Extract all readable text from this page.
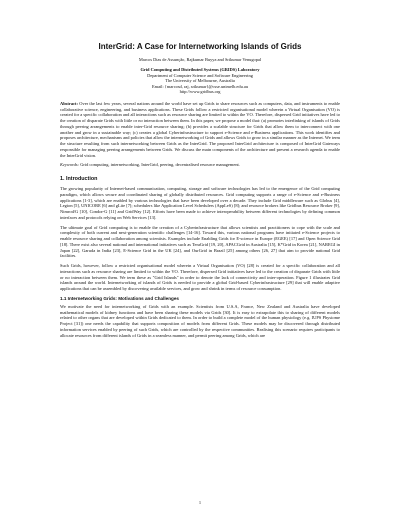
InterGrid: A Case for Internetworking Islands of Grids
Marcos Dias de Assunção, Rajkumar Buyya and Srikumar Venugopal
Grid Computing and Distributed Systems (GRIDS) Laboratory
Department of Computer Science and Software Engineering
The University of Melbourne, Australia
Email: {marcosd, raj, srikumar}@csse.unimelb.edu.au
http://www.gridbus.org

Abstract: Over the last few years, several nations around the world have set up Grids to share resources such as computers, data, and instruments to enable collaborative science, engineering, and business applications. These Grids follow a restricted organisational model wherein a Virtual Organisation (VO) is created for a specific collaboration and all interactions such as resource sharing are limited to within the VO. Therefore, dispersed Grid initiatives have led to the creation of disparate Grids with little or no interaction between them. In this paper, we propose a model that: (a) promotes interlinking of islands of Grids through peering arrangements to enable inter-Grid resource sharing; (b) provides a scalable structure for Grids that allow them to interconnect with one another and grow in a sustainable way; (c) creates a global Cyberinfrastructure to support e-Science and e-Business applications. This work identifies and proposes architecture, mechanisms and policies that allow the internetworking of Grids and allows Grids to grow in a similar manner as the Internet. We term the structure resulting from such internetworking between Grids as the InterGrid. The proposed InterGrid architecture is composed of InterGrid Gateways responsible for managing peering arrangements between Grids. We discuss the main components of the architecture and present a research agenda to enable the InterGrid vision.

Keywords: Grid computing, internetworking, InterGrid, peering, decentralised resource management.

1. Introduction

The growing popularity of Internet-based communication, computing, storage and software technologies has led to the emergence of the Grid computing paradigm, which allows secure and coordinated sharing of globally distributed resources. Grid computing supports a range of e-Science and e-Business applications [1-3], which are enabled by various technologies that have been developed over a decade. They include Grid middleware such as Globus [4], Legion [5], UNICORE [6] and gLite [7]; schedulers like Application Level Schedulers (AppLeS) [8]; and resource brokers like Gridbus Resource Broker [9], Nimrod/G [10], Condor-G [11] and GridWay [12]. Efforts have been made to achieve interoperability between different technologies by defining common interfaces and protocols relying on Web Services [13].

The ultimate goal of Grid computing is to enable the creation of a Cyberinfrastructure that allows scientists and practitioners to cope with the scale and complexity of both current and next-generation scientific challenges [14-16]. Toward this, various national programs have initiated e-Science projects to enable resource sharing and collaboration among scientists. Examples include Enabling Grids for E-science in Europe (EGEE) [17] and Open Science Grid [18]. There exist also several national and international initiatives such as TeraGrid [19, 20], APACGrid in Australia [15], K*Grid in Korea [21], NAREGI in Japan [22], Garuda in India [23], E-Science Grid in the UK [24], and OurGrid in Brazil [25] among others [26, 27] that aim to provide national Grid facilities.

Such Grids, however, follow a restricted organisational model wherein a Virtual Organisation (VO) [28] is created for a specific collaboration and all interactions such as resource sharing are limited to within the VO. Therefore, dispersed Grid initiatives have led to the creation of disparate Grids with little or no interaction between them. We term these as "Grid Islands" in order to denote the lack of connectivity and inter-operation. Figure 1 illustrates Grid islands around the world. Internetworking of islands of Grids is needed to provide a global Grid-based Cyberinfrastructure [29] that will enable adaptive applications that can be assembled by discovering available services, and grow and shrink in terms of resource consumption.

1.1 Internetworking Grids: Motivations and Challenges

We motivate the need for internetworking of Grids with an example. Scientists from U.S.A, France, New Zealand and Australia have developed mathematical models of kidney functions and have been sharing these models via Grids [30]. It is easy to extrapolate this to sharing of different models related to other organs that are developed within Grids dedicated to them. In order to build a complete model of the human physiology (e.g. IUPS Physiome Project [31]) one needs the capability that supports composition of models from different Grids. These models may be discovered through distributed information services enabled by peering of such Grids, which are controlled by the respective communities. Realising this scenario requires participants to allocate resources from different islands of Grids in a seamless manner, and permit peering among Grids, which are

1
